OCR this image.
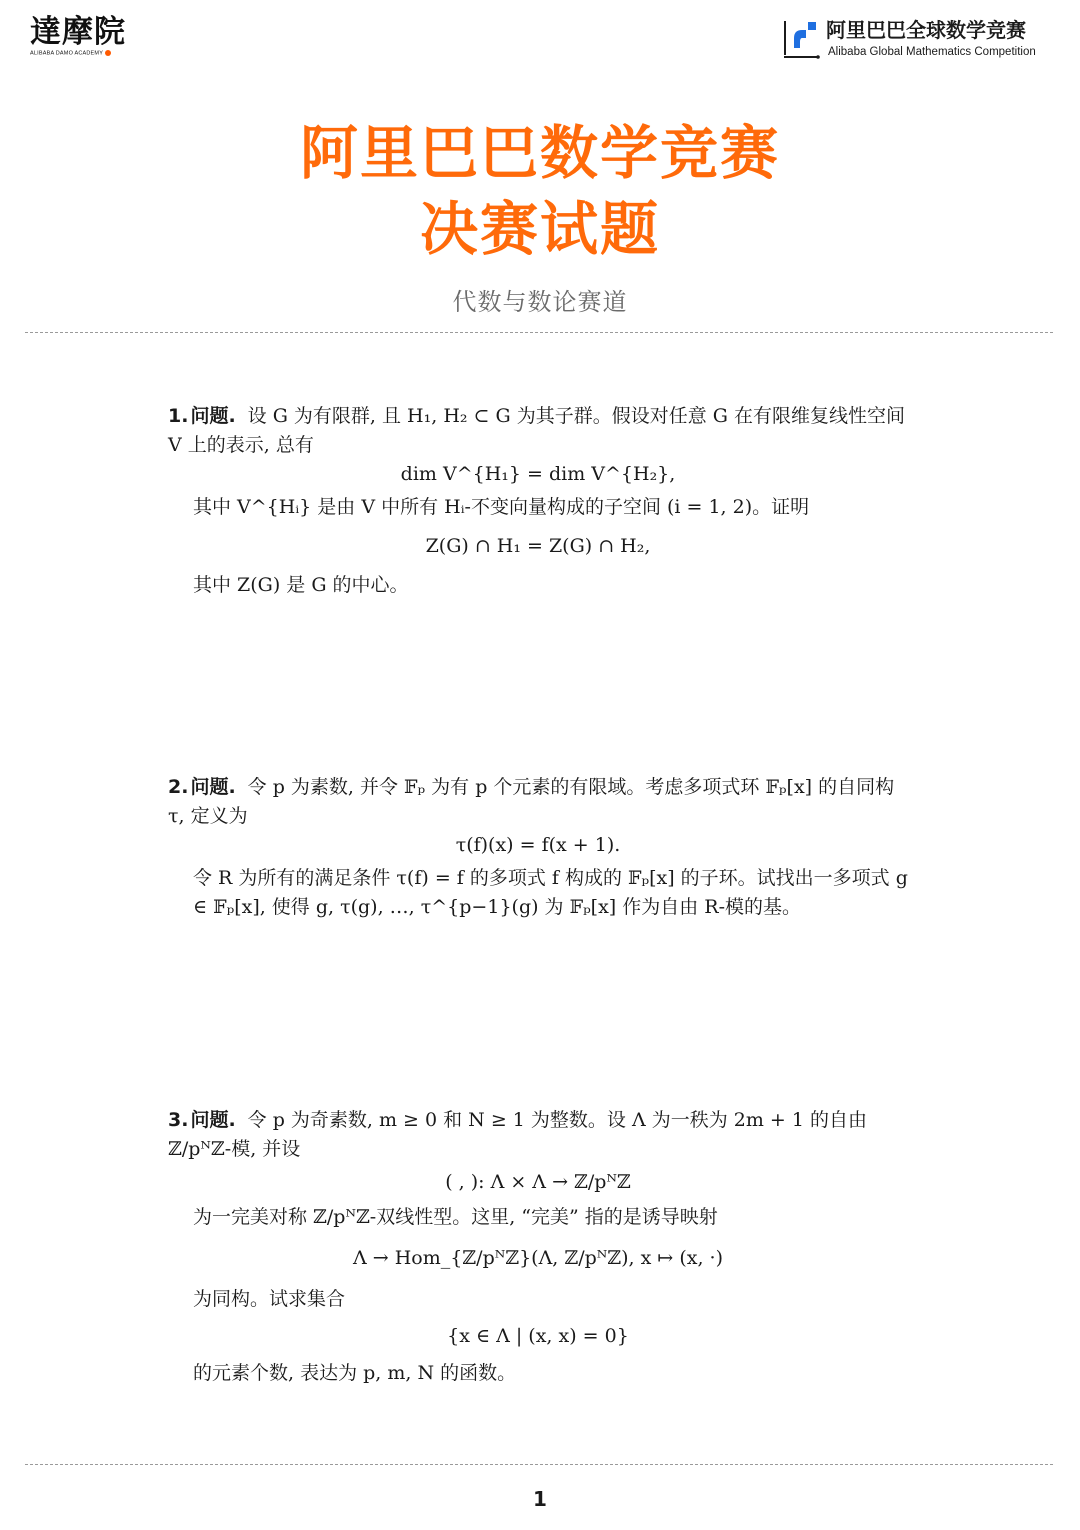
達摩院
ALIBABA DAMO ACADEMY
阿里巴巴全球数学竞赛
Alibaba Global Mathematics Competition
阿里巴巴数学竞赛
决赛试题
代数与数论赛道

1. 问题. 设 G 为有限群, 且 H₁, H₂ ⊂ G 为其子群。假设对任意 G 在有限维复线性空间 V 上的表示, 总有

dim V^{H₁} = dim V^{H₂},

其中 V^{Hᵢ} 是由 V 中所有 Hᵢ-不变向量构成的子空间 (i = 1, 2)。证明

Z(G) ∩ H₁ = Z(G) ∩ H₂,

其中 Z(G) 是 G 的中心。

2. 问题. 令 p 为素数, 并令 𝔽ₚ 为有 p 个元素的有限域。考虑多项式环 𝔽ₚ[x] 的自同构 τ, 定义为

τ(f)(x) = f(x + 1).

令 R 为所有的满足条件 τ(f) = f 的多项式 f 构成的 𝔽ₚ[x] 的子环。试找出一多项式 g ∈ 𝔽ₚ[x], 使得 g, τ(g), …, τ^{p−1}(g) 为 𝔽ₚ[x] 作为自由 R-模的基。

3. 问题. 令 p 为奇素数, m ≥ 0 和 N ≥ 1 为整数。设 Λ 为一秩为 2m + 1 的自由 ℤ/pᴺℤ-模, 并设

( , ): Λ × Λ → ℤ/pᴺℤ

为一完美对称 ℤ/pᴺℤ-双线性型。这里, “完美” 指的是诱导映射

Λ → Hom_{ℤ/pᴺℤ}(Λ, ℤ/pᴺℤ), x ↦ (x, ·)

为同构。试求集合

{x ∈ Λ | (x, x) = 0}

的元素个数, 表达为 p, m, N 的函数。

1
